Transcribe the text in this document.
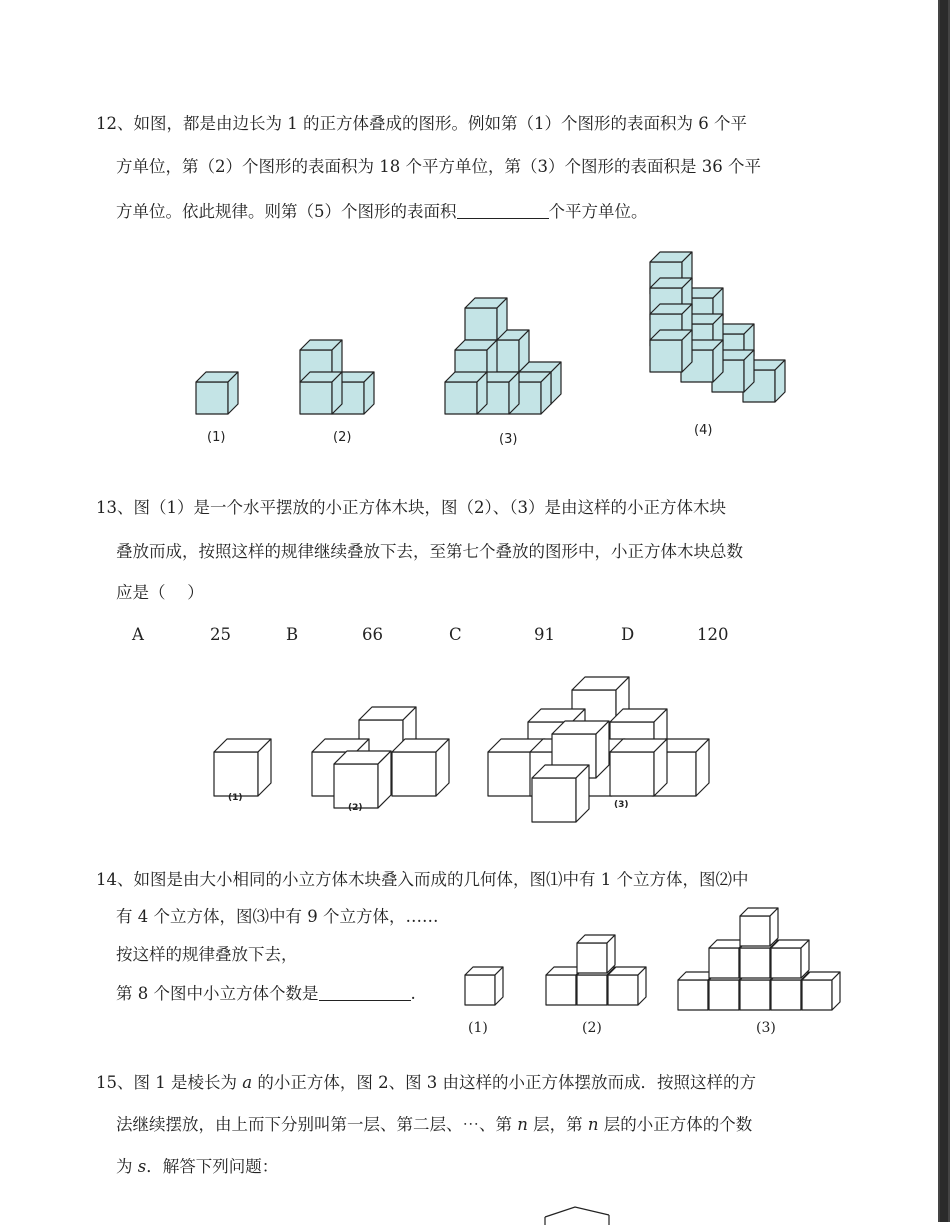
12、如图，都是由边长为 1 的正方体叠成的图形。例如第（1）个图形的表面积为 6 个平
方单位，第（2）个图形的表面积为 18 个平方单位，第（3）个图形的表面积是 36 个平
方单位。依此规律。则第（5）个图形的表面积	个平方单位。
(1)	(2)	(3)
(4)
13、图（1）是一个水平摆放的小正方体木块，图（2）、（3）是由这样的小正方体木块
叠放而成，按照这样的规律继续叠放下去，至第七个叠放的图形中，小正方体木块总数
应是（　 ）
A	25	B	66	C	91	D	120
(1)
(2)	(3)
14、如图是由大小相同的小立方体木块叠入而成的几何体，图⑴中有 1 个立方体，图⑵中
有 4 个立方体，图⑶中有 9 个立方体，……
按这样的规律叠放下去，
第 8 个图中小立方体个数是	.
(1)	(2)	(3)
15、图 1 是棱长为 a 的小正方体，图 2、图 3 由这样的小正方体摆放而成．按照这样的方
法继续摆放，由上而下分别叫第一层、第二层、⋯、第 n 层，第 n 层的小正方体的个数
为 s．解答下列问题：
